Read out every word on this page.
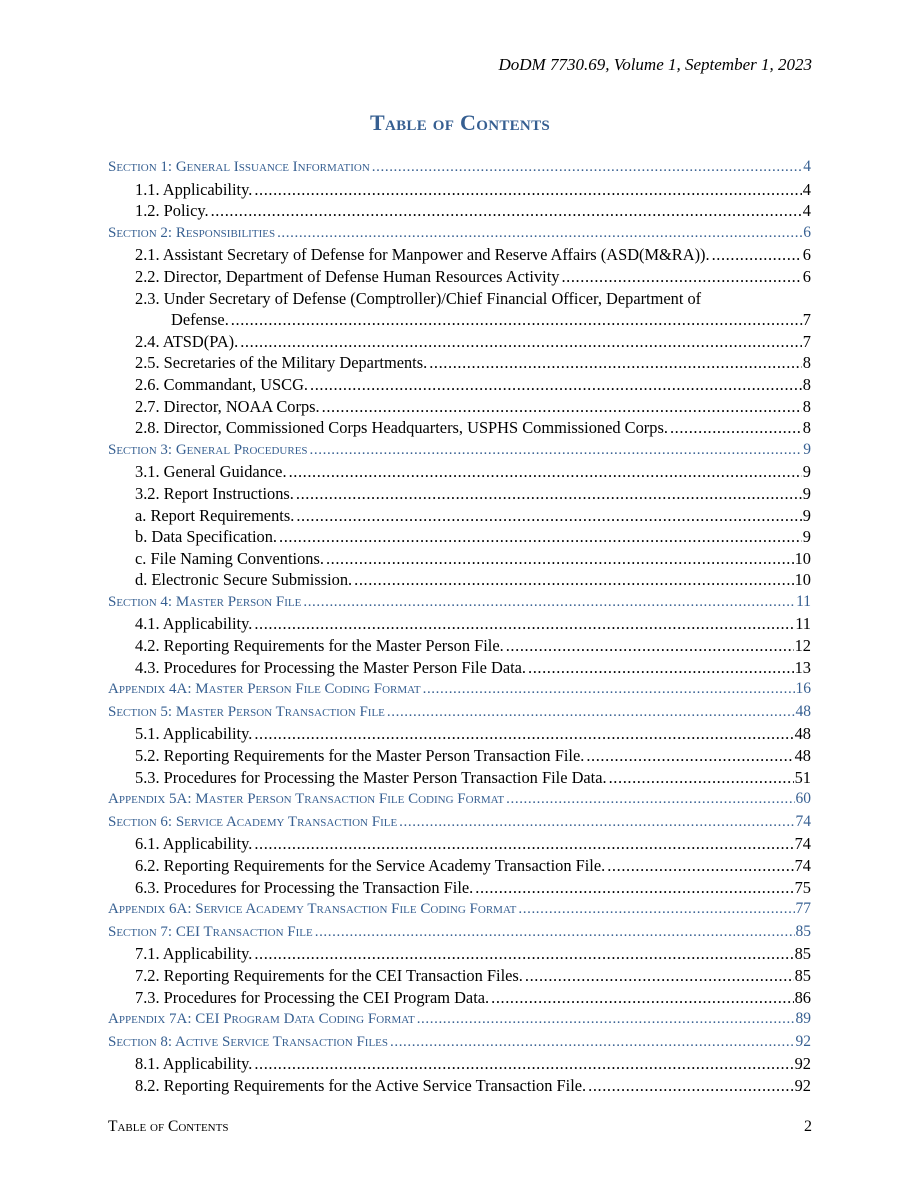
DoDM 7730.69, Volume 1, September 1, 2023
Table of Contents
Section 1: General Issuance Information .....	4
1.1. Applicability. .....	4
1.2. Policy. .....	4
Section 2: Responsibilities .....	6
2.1. Assistant Secretary of Defense for Manpower and Reserve Affairs (ASD(M&RA)). .....	6
2.2. Director, Department of Defense Human Resources Activity .....	6
2.3. Under Secretary of Defense (Comptroller)/Chief Financial Officer, Department of
Defense. .....	7
2.4. ATSD(PA). .....	7
2.5. Secretaries of the Military Departments. .....	8
2.6. Commandant, USCG. .....	8
2.7. Director, NOAA Corps. .....	8
2.8. Director, Commissioned Corps Headquarters, USPHS Commissioned Corps. .....	8
Section 3: General Procedures .....	9
3.1. General Guidance. .....	9
3.2. Report Instructions. .....	9
a. Report Requirements. .....	9
b. Data Specification. .....	9
c. File Naming Conventions. .....	10
d. Electronic Secure Submission. .....	10
Section 4: Master Person File .....	11
4.1. Applicability. .....	11
4.2. Reporting Requirements for the Master Person File. .....	12
4.3. Procedures for Processing the Master Person File Data. .....	13
Appendix 4A: Master Person File Coding Format .....	16
Section 5: Master Person Transaction File .....	48
5.1. Applicability. .....	48
5.2. Reporting Requirements for the Master Person Transaction File. .....	48
5.3. Procedures for Processing the Master Person Transaction File Data. .....	51
Appendix 5A: Master Person Transaction File Coding Format .....	60
Section 6: Service Academy Transaction File .....	74
6.1. Applicability. .....	74
6.2. Reporting Requirements for the Service Academy Transaction File. .....	74
6.3. Procedures for Processing the Transaction File. .....	75
Appendix 6A: Service Academy Transaction File Coding Format .....	77
Section 7: CEI Transaction File .....	85
7.1. Applicability. .....	85
7.2. Reporting Requirements for the CEI Transaction Files. .....	85
7.3. Procedures for Processing the CEI Program Data. .....	86
Appendix 7A: CEI Program Data Coding Format .....	89
Section 8: Active Service Transaction Files .....	92
8.1. Applicability. .....	92
8.2. Reporting Requirements for the Active Service Transaction File. .....	92
Table of Contents	2
